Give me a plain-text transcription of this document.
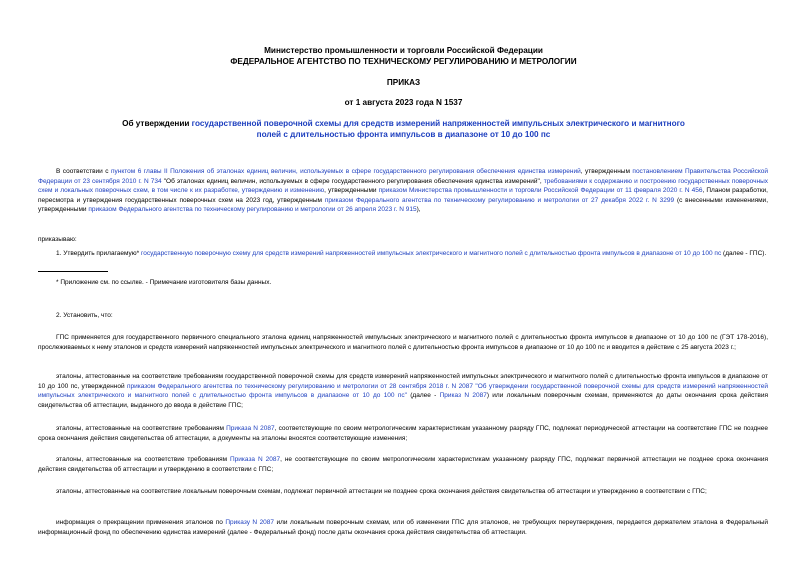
Министерство промышленности и торговли Российской Федерации
ФЕДЕРАЛЬНОЕ АГЕНТСТВО ПО ТЕХНИЧЕСКОМУ РЕГУЛИРОВАНИЮ И МЕТРОЛОГИИ
ПРИКАЗ
от 1 августа 2023 года N 1537
Об утверждении государственной поверочной схемы для средств измерений напряженностей импульсных электрического и магнитного полей с длительностью фронта импульсов в диапазоне от 10 до 100 пс
В соответствии с пунктом 6 главы II Положения об эталонах единиц величин, используемых в сфере государственного регулирования обеспечения единства измерений, утвержденным постановлением Правительства Российской Федерации от 23 сентября 2010 г. N 734 "Об эталонах единиц величин, используемых в сфере государственного регулирования обеспечения единства измерений", требованиями к содержанию и построению государственных поверочных схем и локальных поверочных схем, в том числе к их разработке, утверждению и изменению, утвержденными приказом Министерства промышленности и торговли Российской Федерации от 11 февраля 2020 г. N 456, Планом разработки, пересмотра и утверждения государственных поверочных схем на 2023 год, утвержденным приказом Федерального агентства по техническому регулированию и метрологии от 27 декабря 2022 г. N 3299 (с внесенными изменениями, утвержденными приказом Федерального агентства по техническому регулированию и метрологии от 26 апреля 2023 г. N 915),
приказываю:
1. Утвердить прилагаемую* государственную поверочную схему для средств измерений напряженностей импульсных электрического и магнитного полей с длительностью фронта импульсов в диапазоне от 10 до 100 пс (далее - ГПС).
* Приложение см. по ссылке. - Примечание изготовителя базы данных.
2. Установить, что:
ГПС применяется для государственного первичного специального эталона единиц напряженностей импульсных электрического и магнитного полей с длительностью фронта импульсов в диапазоне от 10 до 100 пс (ГЭТ 178-2016), прослеживаемых к нему эталонов и средств измерений напряженностей импульсных электрического и магнитного полей с длительностью фронта импульсов в диапазоне от 10 до 100 пс и вводится в действие с 25 августа 2023 г.;
эталоны, аттестованные на соответствие требованиям государственной поверочной схемы для средств измерений напряженностей импульсных электрического и магнитного полей с длительностью фронта импульсов в диапазоне от 10 до 100 пс, утвержденной приказом Федерального агентства по техническому регулированию и метрологии от 28 сентября 2018 г. N 2087 "Об утверждении государственной поверочной схемы для средств измерений напряженностей импульсных электрического и магнитного полей с длительностью фронта импульсов в диапазоне от 10 до 100 пс" (далее - Приказ N 2087) или локальным поверочным схемам, применяются до даты окончания срока действия свидетельства об аттестации, выданного до ввода в действие ГПС;
эталоны, аттестованные на соответствие требованиям Приказа N 2087, соответствующие по своим метрологическим характеристикам указанному разряду ГПС, подлежат периодической аттестации на соответствие ГПС не позднее срока окончания действия свидетельства об аттестации, а документы на эталоны вносятся соответствующие изменения;
эталоны, аттестованные на соответствие требованиям Приказа N 2087, не соответствующие по своим метрологическим характеристикам указанному разряду ГПС, подлежат первичной аттестации не позднее срока окончания действия свидетельства об аттестации и утверждению в соответствии с ГПС;
эталоны, аттестованные на соответствие локальным поверочным схемам, подлежат первичной аттестации не позднее срока окончания действия свидетельства об аттестации и утверждению в соответствии с ГПС;
информация о прекращении применения эталонов по Приказу N 2087 или локальным поверочным схемам, или об изменении ГПС для эталонов, не требующих переутверждения, передается держателем эталона в Федеральный информационный фонд по обеспечению единства измерений (далее - Федеральный фонд) после даты окончания срока действия свидетельства об аттестации.
